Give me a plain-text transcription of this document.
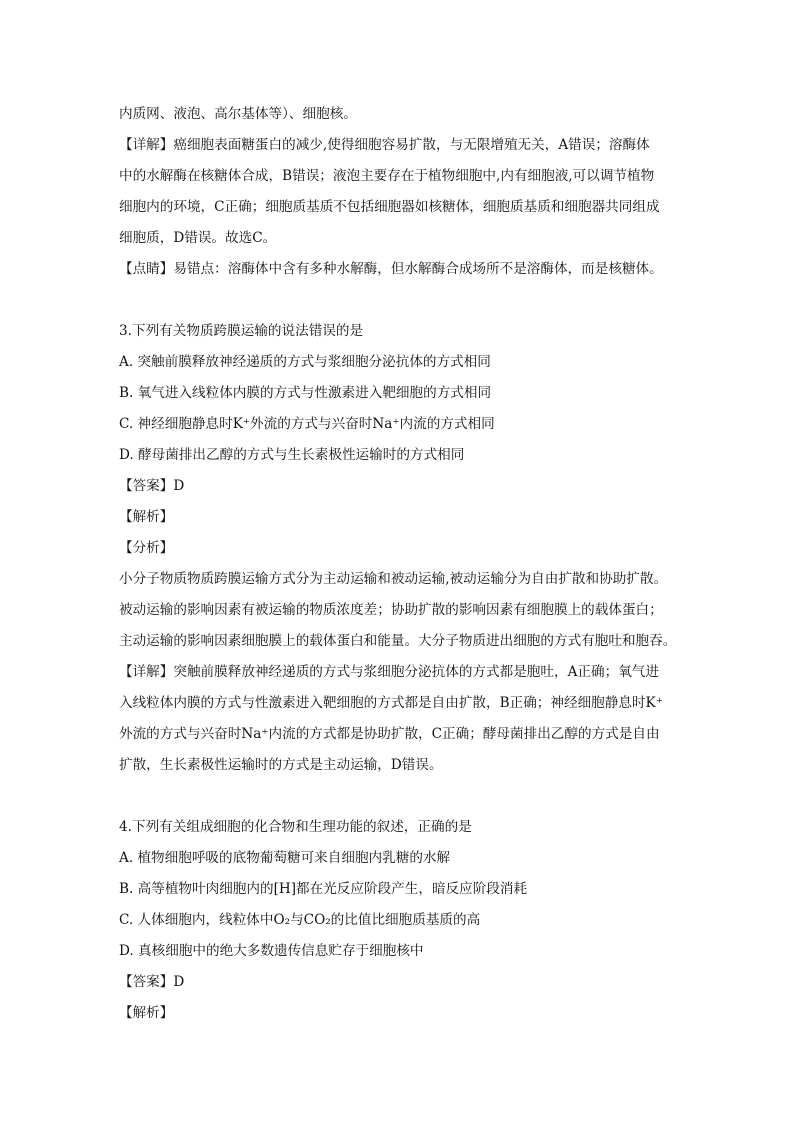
内质网、液泡、高尔基体等）、细胞核。
【详解】癌细胞表面糖蛋白的减少,使得细胞容易扩散，与无限增殖无关，A错误；溶酶体
中的水解酶在核糖体合成，B错误；液泡主要存在于植物细胞中,内有细胞液,可以调节植物
细胞内的环境，C正确；细胞质基质不包括细胞器如核糖体，细胞质基质和细胞器共同组成
细胞质，D错误。故选C。
【点睛】易错点：溶酶体中含有多种水解酶，但水解酶合成场所不是溶酶体，而是核糖体。
3.下列有关物质跨膜运输的说法错误的是
A. 突触前膜释放神经递质的方式与浆细胞分泌抗体的方式相同
B. 氧气进入线粒体内膜的方式与性激素进入靶细胞的方式相同
C. 神经细胞静息时K⁺外流的方式与兴奋时Na⁺内流的方式相同
D. 酵母菌排出乙醇的方式与生长素极性运输时的方式相同
【答案】D
【解析】
【分析】
小分子物质物质跨膜运输方式分为主动运输和被动运输,被动运输分为自由扩散和协助扩散。
被动运输的影响因素有被运输的物质浓度差；协助扩散的影响因素有细胞膜上的载体蛋白；
主动运输的影响因素细胞膜上的载体蛋白和能量。大分子物质进出细胞的方式有胞吐和胞吞。
【详解】突触前膜释放神经递质的方式与浆细胞分泌抗体的方式都是胞吐，A正确；氧气进
入线粒体内膜的方式与性激素进入靶细胞的方式都是自由扩散，B正确；神经细胞静息时K⁺
外流的方式与兴奋时Na⁺内流的方式都是协助扩散，C正确；酵母菌排出乙醇的方式是自由
扩散，生长素极性运输时的方式是主动运输，D错误。
4.下列有关组成细胞的化合物和生理功能的叙述，正确的是
A. 植物细胞呼吸的底物葡萄糖可来自细胞内乳糖的水解
B. 高等植物叶肉细胞内的[H]都在光反应阶段产生，暗反应阶段消耗
C. 人体细胞内，线粒体中O₂与CO₂的比值比细胞质基质的高
D. 真核细胞中的绝大多数遗传信息贮存于细胞核中
【答案】D
【解析】
